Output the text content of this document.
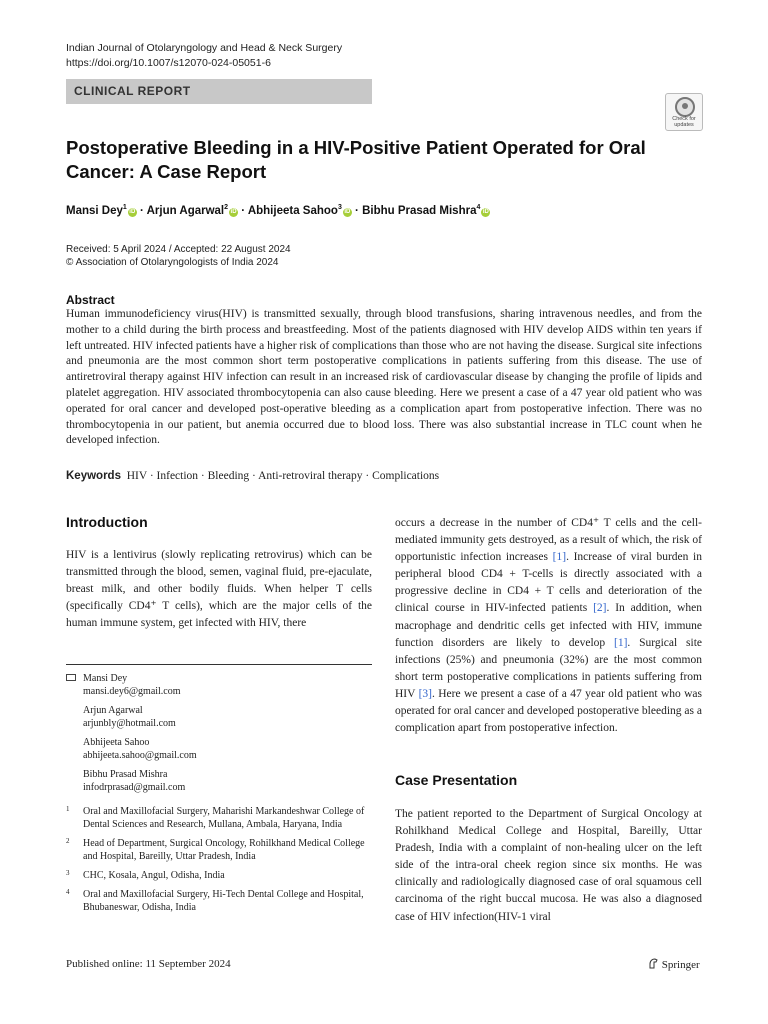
Indian Journal of Otolaryngology and Head & Neck Surgery
https://doi.org/10.1007/s12070-024-05051-6
CLINICAL REPORT
Check for updates
Postoperative Bleeding in a HIV-Positive Patient Operated for Oral Cancer: A Case Report
Mansi Dey$^1$iD · Arjun Agarwal$^2$iD · Abhijeeta Sahoo$^3$iD · Bibhu Prasad Mishra$^4$iD
Received: 5 April 2024 / Accepted: 22 August 2024
© Association of Otolaryngologists of India 2024
Abstract
Human immunodeficiency virus(HIV) is transmitted sexually, through blood transfusions, sharing intravenous needles, and from the mother to a child during the birth process and breastfeeding. Most of the patients diagnosed with HIV develop AIDS within ten years if left untreated. HIV infected patients have a higher risk of complications than those who are not having the disease. Surgical site infections and pneumonia are the most common short term postoperative complications in patients suffering from this disease. The use of antiretroviral therapy against HIV infection can result in an increased risk of cardiovascular disease by changing the profile of lipids and platelet aggregation. HIV associated thrombocytopenia can also cause bleeding. Here we present a case of a 47 year old patient who was operated for oral cancer and developed post-operative bleeding as a complication apart from postoperative infection. There was no thrombocytopenia in our patient, but anemia occurred due to blood loss. There was also substantial increase in TLC count when he developed infection.
Keywords HIV · Infection · Bleeding · Anti-retroviral therapy · Complications
Introduction
HIV is a lentivirus (slowly replicating retrovirus) which can be transmitted through the blood, semen, vaginal fluid, pre-ejaculate, breast milk, and other bodily fluids. When helper T cells (specifically CD4⁺ T cells), which are the major cells of the human immune system, get infected with HIV, there
occurs a decrease in the number of CD4⁺ T cells and the cell-mediated immunity gets destroyed, as a result of which, the risk of opportunistic infection increases [1]. Increase of viral burden in peripheral blood CD4 + T-cells is directly associated with a progressive decline in CD4 + T cells and deterioration of the clinical course in HIV-infected patients [2]. In addition, when macrophage and dendritic cells get infected with HIV, immune function disorders are likely to develop [1]. Surgical site infections (25%) and pneumonia (32%) are the most common short term postoperative complications in patients suffering from HIV [3]. Here we present a case of a 47 year old patient who was operated for oral cancer and developed postoperative bleeding as a complication apart from postoperative infection.
Case Presentation
The patient reported to the Department of Surgical Oncology at Rohilkhand Medical College and Hospital, Bareilly, Uttar Pradesh, India with a complaint of non-healing ulcer on the left side of the intra-oral cheek region since six months. He was clinically and radiologically diagnosed case of oral squamous cell carcinoma of the right buccal mucosa. He was also a diagnosed case of HIV infection(HIV-1 viral
Mansi Dey
mansi.dey6@gmail.com
Arjun Agarwal
arjunbly@hotmail.com
Abhijeeta Sahoo
abhijeeta.sahoo@gmail.com
Bibhu Prasad Mishra
infodrprasad@gmail.com
1 Oral and Maxillofacial Surgery, Maharishi Markandeshwar College of Dental Sciences and Research, Mullana, Ambala, Haryana, India
2 Head of Department, Surgical Oncology, Rohilkhand Medical College and Hospital, Bareilly, Uttar Pradesh, India
3 CHC, Kosala, Angul, Odisha, India
4 Oral and Maxillofacial Surgery, Hi-Tech Dental College and Hospital, Bhubaneswar, Odisha, India
Published online: 11 September 2024	Springer
